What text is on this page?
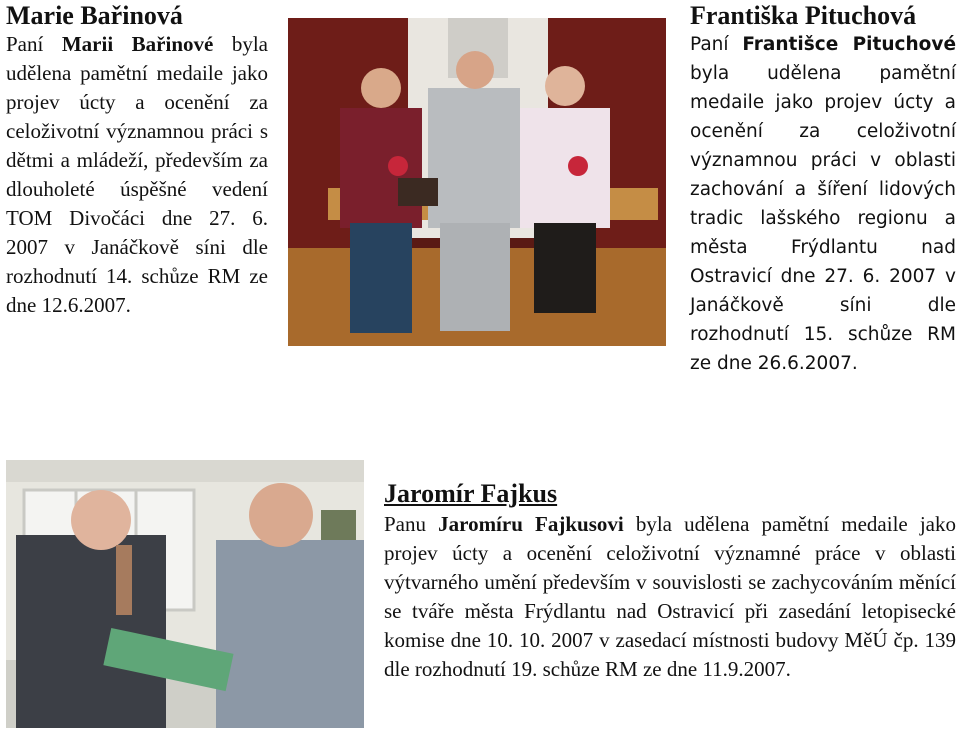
Marie Bařinová

Paní Marii Bařinové byla udělena pamětní medaile jako projev úcty a ocenění za celoživotní významnou práci s dětmi a mládeží, především za dlouholeté úspěšné vedení TOM Divočáci dne 27. 6. 2007 v Janáčkově síni dle rozhodnutí 14. schůze RM ze dne 12.6.2007.

Františka Pituchová

Paní Františce Pituchové byla udělena pamětní medaile jako projev úcty a ocenění za celoživotní významnou práci v oblasti zachování a šíření lidových tradic lašského regionu a města Frýdlantu nad Ostravicí dne 27. 6. 2007 v Janáčkově síni dle rozhodnutí 15. schůze RM ze dne 26.6.2007.

Jaromír Fajkus

Panu Jaromíru Fajkusovi byla udělena pamětní medaile jako projev úcty a ocenění celoživotní významné práce v oblasti výtvarného umění především v souvislosti se zachycováním měnící se tváře města Frýdlantu nad Ostravicí při zasedání letopisecké komise dne 10. 10. 2007 v zasedací místnosti budovy MěÚ čp. 139 dle rozhodnutí 19. schůze RM ze dne 11.9.2007.
